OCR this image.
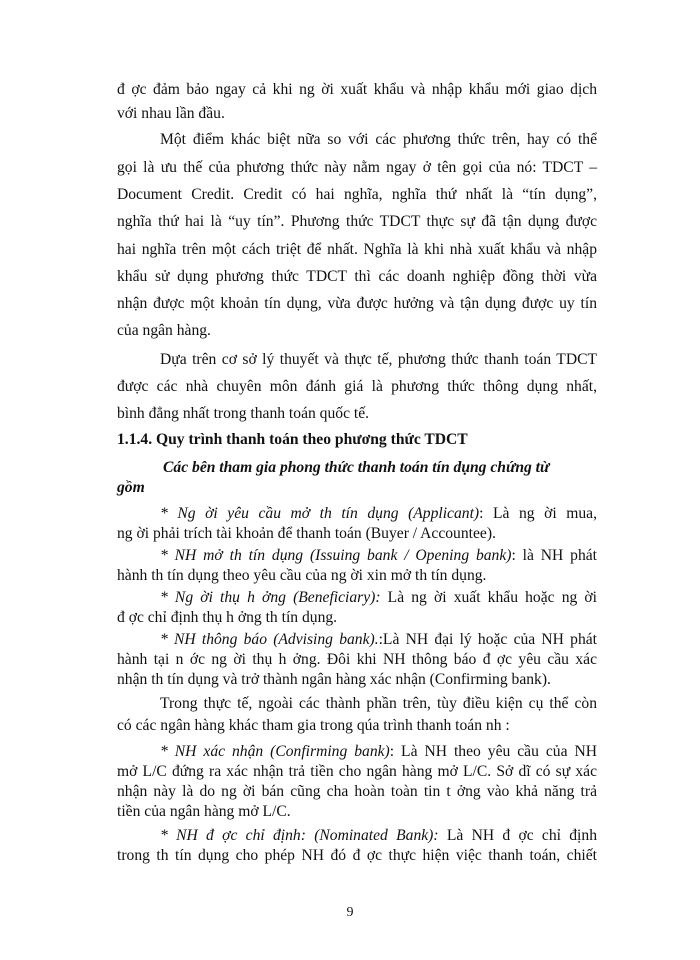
đ ợc đảm bảo ngay cả khi ng ời xuất khẩu và nhập khẩu mới giao dịch
với nhau lần đầu.
Một điểm khác biệt nữa so với các phương thức trên, hay có thể
gọi là ưu thế của phương thức này nằm ngay ở tên gọi của nó: TDCT –
Document Credit. Credit có hai nghĩa, nghĩa thứ nhất là “tín dụng”,
nghĩa thứ hai là “uy tín”. Phương thức TDCT thực sự đã tận dụng được
hai nghĩa trên một cách triệt để nhất. Nghĩa là khi nhà xuất khẩu và nhập
khẩu sử dụng phương thức TDCT thì các doanh nghiệp đồng thời vừa
nhận được một khoản tín dụng, vừa được hưởng và tận dụng được uy tín
của ngân hàng.
Dựa trên cơ sở lý thuyết và thực tế, phương thức thanh toán TDCT
được các nhà chuyên môn đánh giá là phương thức thông dụng nhất,
bình đẳng nhất trong thanh toán quốc tế.
1.1.4. Quy trình thanh toán theo phương thức TDCT
Các bên tham gia phong thức thanh toán tín dụng chứng từ
gồm
* Ng ời yêu cầu mở th tín dụng (Applicant): Là ng ời mua,
ng ời phải trích tài khoản để thanh toán (Buyer / Accountee).
* NH mở th tín dụng (Issuing bank / Opening bank): là NH phát
hành th tín dụng theo yêu cầu của ng ời xin mở th tín dụng.
* Ng ời thụ h ởng (Beneficiary): Là ng ời xuất khẩu hoặc ng ời
đ ợc chỉ định thụ h ởng th tín dụng.
* NH thông báo (Advising bank).:Là NH đại lý hoặc của NH phát
hành tại n ớc ng ời thụ h ởng. Đôi khi NH thông báo đ ợc yêu cầu xác
nhận th tín dụng và trở thành ngân hàng xác nhận (Confirming bank).
Trong thực tế, ngoài các thành phần trên, tùy điều kiện cụ thể còn
có các ngân hàng khác tham gia trong qúa trình thanh toán nh :
* NH xác nhận (Confirming bank): Là NH theo yêu cầu của NH
mở L/C đứng ra xác nhận trả tiền cho ngân hàng mở L/C. Sở dĩ có sự xác
nhận này là do ng ời bán cũng cha hoàn toàn tin t ởng vào khả năng trả
tiền của ngân hàng mở L/C.
* NH đ ợc chỉ định: (Nominated Bank): Là NH đ ợc chỉ định
trong th tín dụng cho phép NH đó đ ợc thực hiện việc thanh toán, chiết
9
